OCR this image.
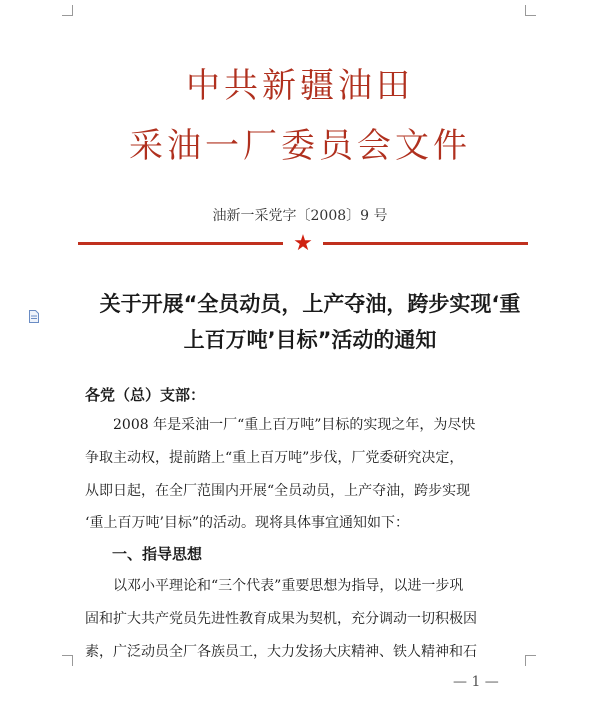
中共新疆油田
采油一厂委员会文件
油新一采党字〔2008〕9 号
★
关于开展“全员动员，上产夺油，跨步实现‘重
上百万吨’目标”活动的通知
各党（总）支部：
2008 年是采油一厂“重上百万吨”目标的实现之年，为尽快
争取主动权，提前踏上“重上百万吨”步伐，厂党委研究决定，
从即日起，在全厂范围内开展“全员动员，上产夺油，跨步实现
‘重上百万吨’目标”的活动。现将具体事宜通知如下：
一、指导思想
以邓小平理论和“三个代表”重要思想为指导，以进一步巩
固和扩大共产党员先进性教育成果为契机，充分调动一切积极因
素，广泛动员全厂各族员工，大力发扬大庆精神、铁人精神和石
— 1 —
